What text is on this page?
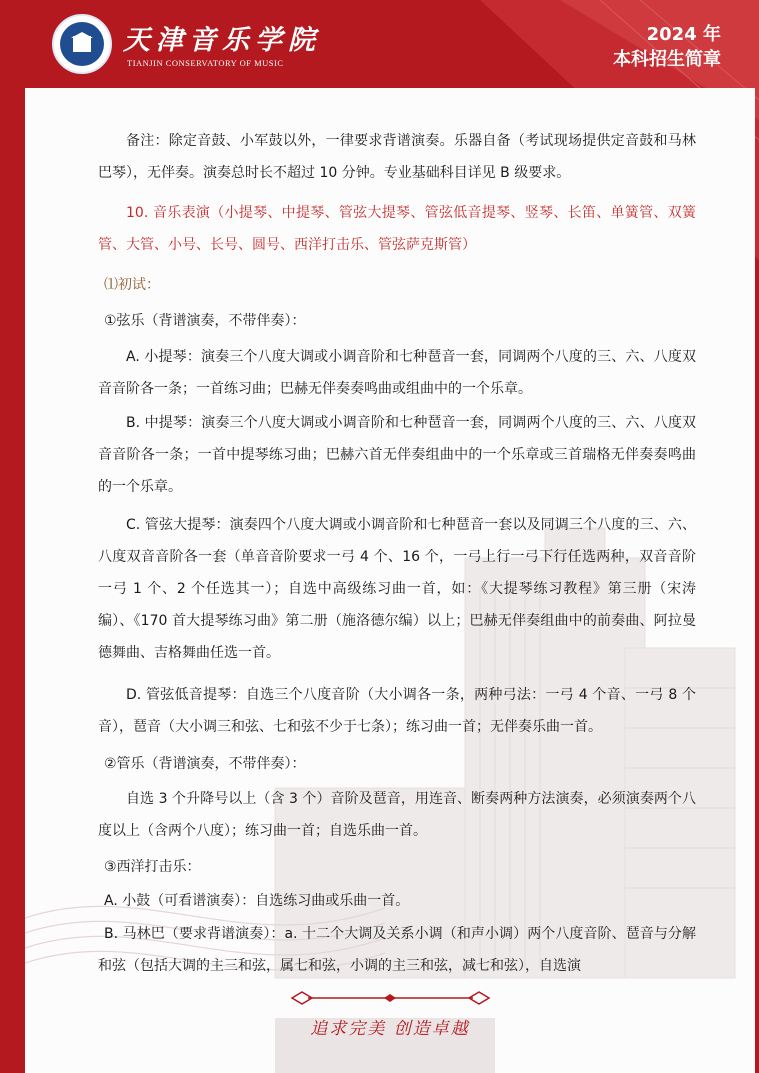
天津音乐学院
TIANJIN CONSERVATORY OF MUSIC
2024 年
本科招生简章

备注：除定音鼓、小军鼓以外，一律要求背谱演奏。乐器自备（考试现场提供定音鼓和马林巴琴），无伴奏。演奏总时长不超过 10 分钟。专业基础科目详见 B 级要求。

10. 音乐表演（小提琴、中提琴、管弦大提琴、管弦低音提琴、竖琴、长笛、单簧管、双簧管、大管、小号、长号、圆号、西洋打击乐、管弦萨克斯管）

⑴初试：

①弦乐（背谱演奏，不带伴奏）：

A. 小提琴：演奏三个八度大调或小调音阶和七种琶音一套，同调两个八度的三、六、八度双音音阶各一条；一首练习曲；巴赫无伴奏奏鸣曲或组曲中的一个乐章。

B. 中提琴：演奏三个八度大调或小调音阶和七种琶音一套，同调两个八度的三、六、八度双音音阶各一条；一首中提琴练习曲；巴赫六首无伴奏组曲中的一个乐章或三首瑞格无伴奏奏鸣曲的一个乐章。

C. 管弦大提琴：演奏四个八度大调或小调音阶和七种琶音一套以及同调三个八度的三、六、八度双音音阶各一套（单音音阶要求一弓 4 个、16 个，一弓上行一弓下行任选两种，双音音阶一弓 1 个、2 个任选其一）；自选中高级练习曲一首，如：《大提琴练习教程》第三册（宋涛编）、《170 首大提琴练习曲》第二册（施洛德尔编）以上；巴赫无伴奏组曲中的前奏曲、阿拉曼德舞曲、吉格舞曲任选一首。

D. 管弦低音提琴：自选三个八度音阶（大小调各一条，两种弓法：一弓 4 个音、一弓 8 个音），琶音（大小调三和弦、七和弦不少于七条）；练习曲一首；无伴奏乐曲一首。

②管乐（背谱演奏，不带伴奏）：

自选 3 个升降号以上（含 3 个）音阶及琶音，用连音、断奏两种方法演奏，必须演奏两个八度以上（含两个八度）；练习曲一首；自选乐曲一首。

③西洋打击乐：

A. 小鼓（可看谱演奏）：自选练习曲或乐曲一首。

B. 马林巴（要求背谱演奏）：a. 十二个大调及关系小调（和声小调）两个八度音阶、琶音与分解和弦（包括大调的主三和弦，属七和弦，小调的主三和弦，减七和弦），自选演

追求完美 创造卓越
